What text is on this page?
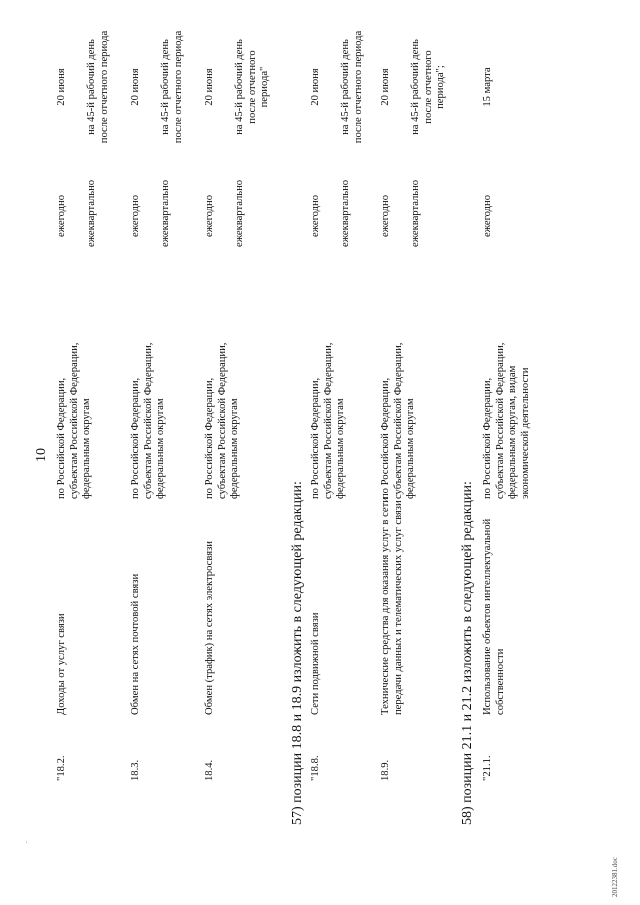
10
"18.2.
Доходы от услуг связи
по Российской Федерации, субъектам Российской Федерации, федеральным округам
ежегодно ежеквартально
20 июня на 45-й рабочий день после отчетного периода
18.3.
Обмен на сетях почтовой связи
по Российской Федерации, субъектам Российской Федерации, федеральным округам
ежегодно ежеквартально
20 июня на 45-й рабочий день после отчетного периода
18.4.
Обмен (трафик) на сетях электросвязи
по Российской Федерации, субъектам Российской Федерации, федеральным округам
ежегодно ежеквартально
20 июня на 45-й рабочий день после отчетного периода"
57) позиции 18.8 и 18.9 изложить в следующей редакции: "18.8.
Сети подвижной связи
по Российской Федерации, субъектам Российской Федерации, федеральным округам
ежегодно ежеквартально
20 июня на 45-й рабочий день после отчетного периода
18.9.
Технические средства для оказания услуг в сети передачи данных и телематических услуг связи
по Российской Федерации, субъектам Российской Федерации, федеральным округам
ежегодно ежеквартально
20 июня на 45-й рабочий день после отчетного периода";
58) позиции 21.1 и 21.2 изложить в следующей редакции: "21.1.
Использование объектов интеллектуальной собственности
по Российской Федерации, субъектам Российской Федерации, федеральным округам, видам экономической деятельности
ежегодно
15 марта
20122381.doc
.
